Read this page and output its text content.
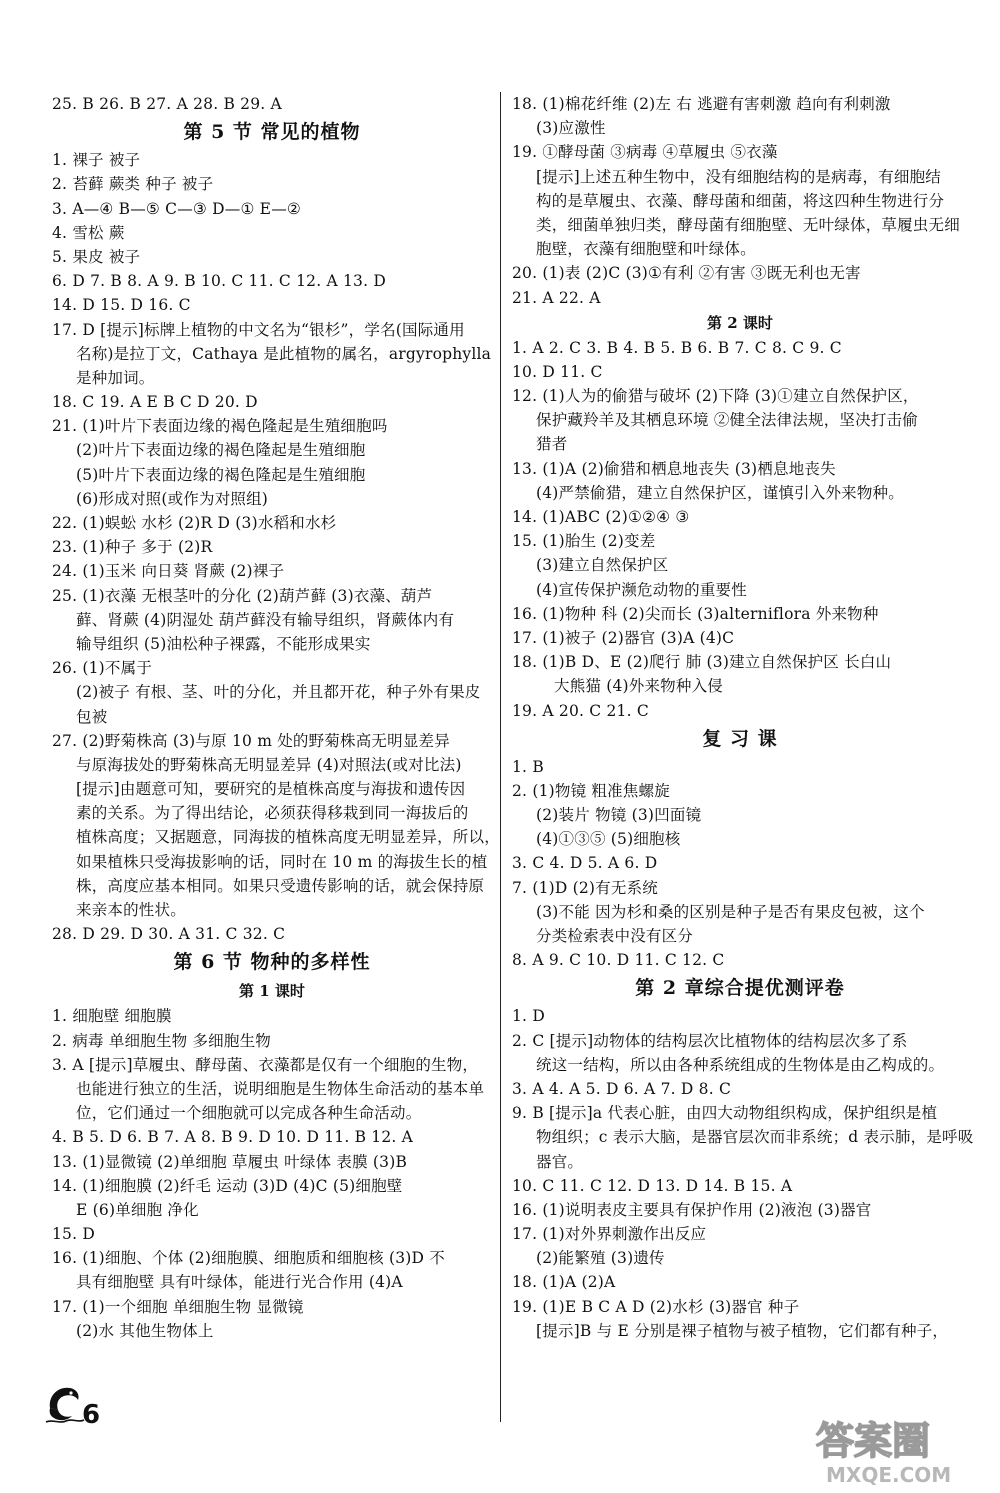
25. B 26. B 27. A 28. B 29. A
第 5 节 常见的植物
1. 裸子 被子
2. 苔藓 蕨类 种子 被子
3. A—④ B—⑤ C—③ D—① E—②
4. 雪松 蕨
5. 果皮 被子
6. D 7. B 8. A 9. B 10. C 11. C 12. A 13. D
14. D 15. D 16. C
17. D [提示]标牌上植物的中文名为“银杉”，学名(国际通用
名称)是拉丁文，Cathaya 是此植物的属名，argyrophylla
是种加词。
18. C 19. A E B C D 20. D
21. (1)叶片下表面边缘的褐色隆起是生殖细胞吗
(2)叶片下表面边缘的褐色隆起是生殖细胞
(5)叶片下表面边缘的褐色隆起是生殖细胞
(6)形成对照(或作为对照组)
22. (1)蜈蚣 水杉 (2)R D (3)水稻和水杉
23. (1)种子 多于 (2)R
24. (1)玉米 向日葵 肾蕨 (2)裸子
25. (1)衣藻 无根茎叶的分化 (2)葫芦藓 (3)衣藻、葫芦
藓、肾蕨 (4)阴湿处 葫芦藓没有输导组织，肾蕨体内有
输导组织 (5)油松种子裸露，不能形成果实
26. (1)不属于
(2)被子 有根、茎、叶的分化，并且都开花，种子外有果皮
包被
27. (2)野菊株高 (3)与原 10 m 处的野菊株高无明显差异
与原海拔处的野菊株高无明显差异 (4)对照法(或对比法)
[提示]由题意可知，要研究的是植株高度与海拔和遗传因
素的关系。为了得出结论，必须获得移栽到同一海拔后的
植株高度；又据题意，同海拔的植株高度无明显差异，所以，
如果植株只受海拔影响的话，同时在 10 m 的海拔生长的植
株，高度应基本相同。如果只受遗传影响的话，就会保持原
来亲本的性状。
28. D 29. D 30. A 31. C 32. C
第 6 节 物种的多样性
第 1 课时
1. 细胞壁 细胞膜
2. 病毒 单细胞生物 多细胞生物
3. A [提示]草履虫、酵母菌、衣藻都是仅有一个细胞的生物，
也能进行独立的生活，说明细胞是生物体生命活动的基本单
位，它们通过一个细胞就可以完成各种生命活动。
4. B 5. D 6. B 7. A 8. B 9. D 10. D 11. B 12. A
13. (1)显微镜 (2)单细胞 草履虫 叶绿体 表膜 (3)B
14. (1)细胞膜 (2)纤毛 运动 (3)D (4)C (5)细胞壁
E (6)单细胞 净化
15. D
16. (1)细胞、个体 (2)细胞膜、细胞质和细胞核 (3)D 不
具有细胞壁 具有叶绿体，能进行光合作用 (4)A
17. (1)一个细胞 单细胞生物 显微镜
(2)水 其他生物体上
18. (1)棉花纤维 (2)左 右 逃避有害刺激 趋向有利刺激
(3)应激性
19. ①酵母菌 ③病毒 ④草履虫 ⑤衣藻
[提示]上述五种生物中，没有细胞结构的是病毒，有细胞结
构的是草履虫、衣藻、酵母菌和细菌，将这四种生物进行分
类，细菌单独归类，酵母菌有细胞壁、无叶绿体，草履虫无细
胞壁，衣藻有细胞壁和叶绿体。
20. (1)表 (2)C (3)①有利 ②有害 ③既无利也无害
21. A 22. A
第 2 课时
1. A 2. C 3. B 4. B 5. B 6. B 7. C 8. C 9. C
10. D 11. C
12. (1)人为的偷猎与破坏 (2)下降 (3)①建立自然保护区，
保护藏羚羊及其栖息环境 ②健全法律法规，坚决打击偷
猎者
13. (1)A (2)偷猎和栖息地丧失 (3)栖息地丧失
(4)严禁偷猎，建立自然保护区，谨慎引入外来物种。
14. (1)ABC (2)①②④ ③
15. (1)胎生 (2)变差
(3)建立自然保护区
(4)宣传保护濒危动物的重要性
16. (1)物种 科 (2)尖而长 (3)alterniflora 外来物种
17. (1)被子 (2)器官 (3)A (4)C
18. (1)B D、E (2)爬行 肺 (3)建立自然保护区 长白山
大熊猫 (4)外来物种入侵
19. A 20. C 21. C
复 习 课
1. B
2. (1)物镜 粗准焦螺旋
(2)装片 物镜 (3)凹面镜
(4)①③⑤ (5)细胞核
3. C 4. D 5. A 6. D
7. (1)D (2)有无系统
(3)不能 因为杉和桑的区别是种子是否有果皮包被，这个
分类检索表中没有区分
8. A 9. C 10. D 11. C 12. C
第 2 章综合提优测评卷
1. D
2. C [提示]动物体的结构层次比植物体的结构层次多了系
统这一结构，所以由各种系统组成的生物体是由乙构成的。
3. A 4. A 5. D 6. A 7. D 8. C
9. B [提示]a 代表心脏，由四大动物组织构成，保护组织是植
物组织；c 表示大脑，是器官层次而非系统；d 表示肺，是呼吸
器官。
10. C 11. C 12. D 13. D 14. B 15. A
16. (1)说明表皮主要具有保护作用 (2)液泡 (3)器官
17. (1)对外界刺激作出反应
(2)能繁殖 (3)遗传
18. (1)A (2)A
19. (1)E B C A D (2)水杉 (3)器官 种子
[提示]B 与 E 分别是裸子植物与被子植物，它们都有种子，
6
答案圈
MXQE.COM
